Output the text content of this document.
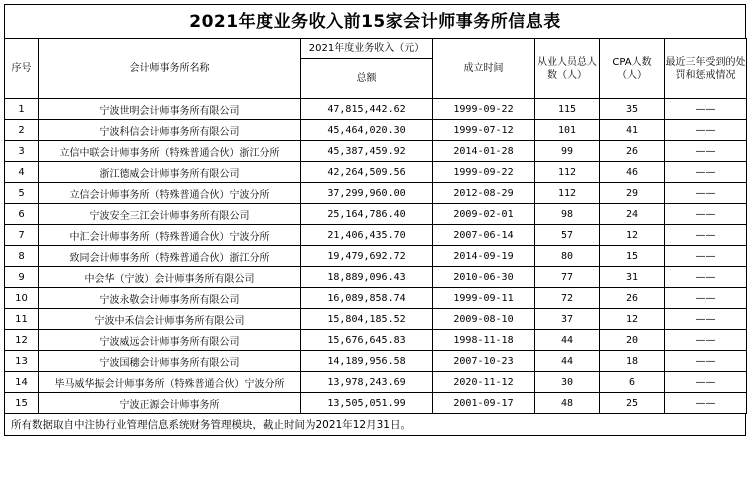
2021年度业务收入前15家会计师事务所信息表
序号	会计师事务所名称	2021年度业务收入（元）	成立时间	从业人员总人数（人）	CPA人数（人）	最近三年受到的处罚和惩戒情况
		总额				
1	宁波世明会计师事务所有限公司	47,815,442.62	1999-09-22	115	35	——
2	宁波科信会计师事务所有限公司	45,464,020.30	1999-07-12	101	41	——
3	立信中联会计师事务所（特殊普通合伙）浙江分所	45,387,459.92	2014-01-28	99	26	——
4	浙江德威会计师事务所有限公司	42,264,509.56	1999-09-22	112	46	——
5	立信会计师事务所（特殊普通合伙）宁波分所	37,299,960.00	2012-08-29	112	29	——
6	宁波安全三江会计师事务所有限公司	25,164,786.40	2009-02-01	98	24	——
7	中汇会计师事务所（特殊普通合伙）宁波分所	21,406,435.70	2007-06-14	57	12	——
8	致同会计师事务所（特殊普通合伙）浙江分所	19,479,692.72	2014-09-19	80	15	——
9	中会华（宁波）会计师事务所有限公司	18,889,096.43	2010-06-30	77	31	——
10	宁波永敬会计师事务所有限公司	16,089,858.74	1999-09-11	72	26	——
11	宁波中禾信会计师事务所有限公司	15,804,185.52	2009-08-10	37	12	——
12	宁波威远会计师事务所有限公司	15,676,645.83	1998-11-18	44	20	——
13	宁波国穗会计师事务所有限公司	14,189,956.58	2007-10-23	44	18	——
14	毕马威华振会计师事务所（特殊普通合伙）宁波分所	13,978,243.69	2020-11-12	30	6	——
15	宁波正源会计师事务所	13,505,051.99	2001-09-17	48	25	——
所有数据取自中注协行业管理信息系统财务管理模块，截止时间为2021年12月31日。
